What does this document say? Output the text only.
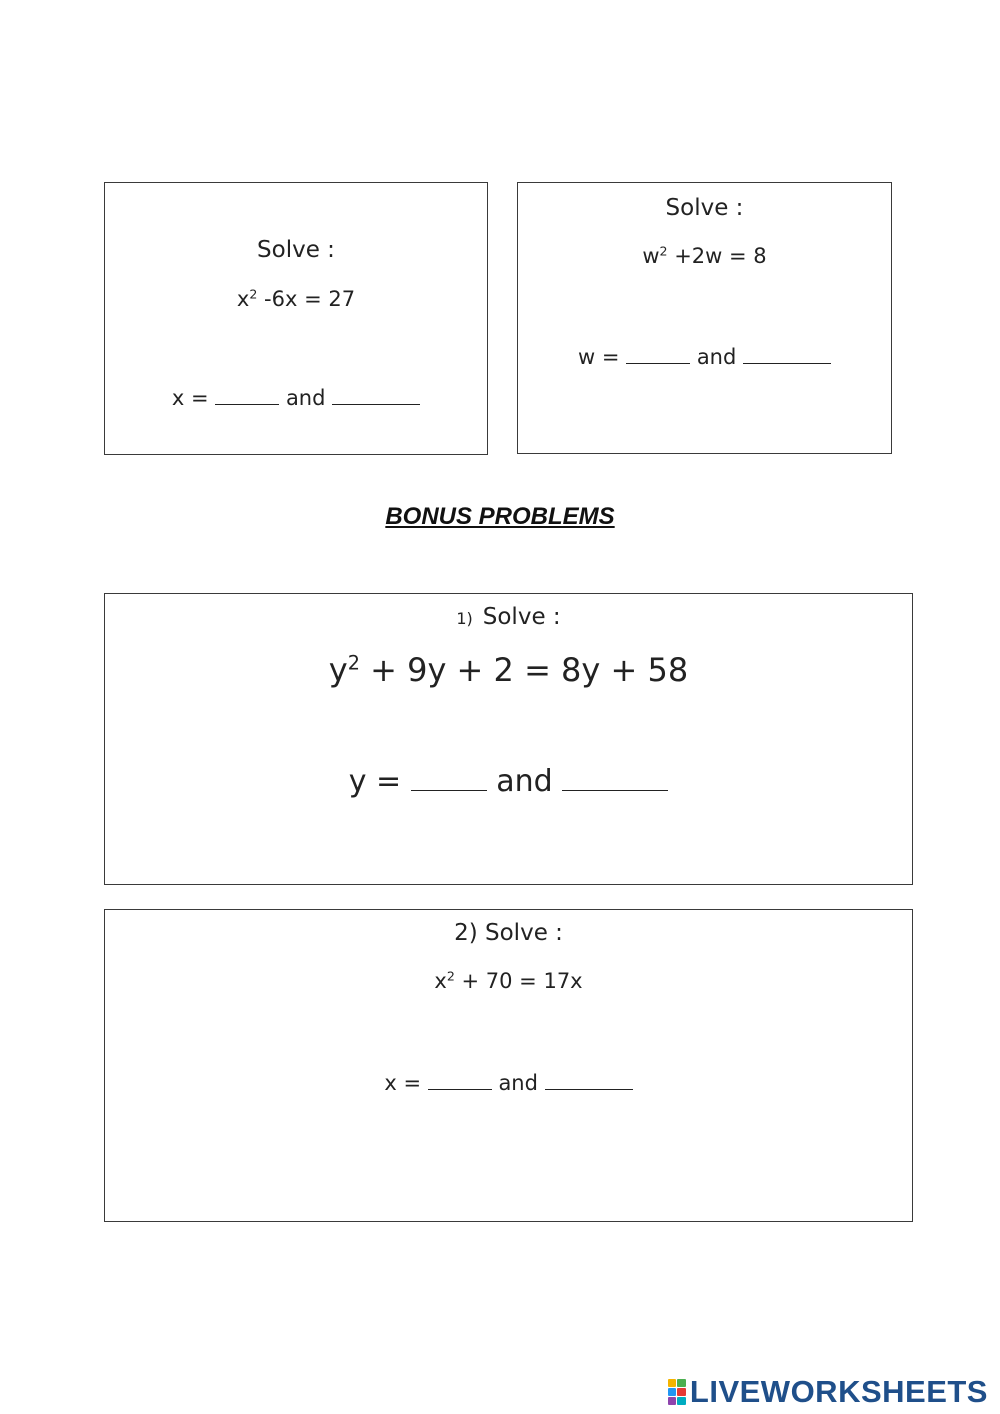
Solve :
$x^2$ -6x = 27
x =	and
Solve :
$w^2 +2w = 8$
w =	and
BONUS PROBLEMS
1) Solve :
$y^2 + 9y + 2 = 8y + 58$
y =	and
2) Solve :
$x^2 + 70 = 17x$
x =	and
LIVEWORKSHEETS
